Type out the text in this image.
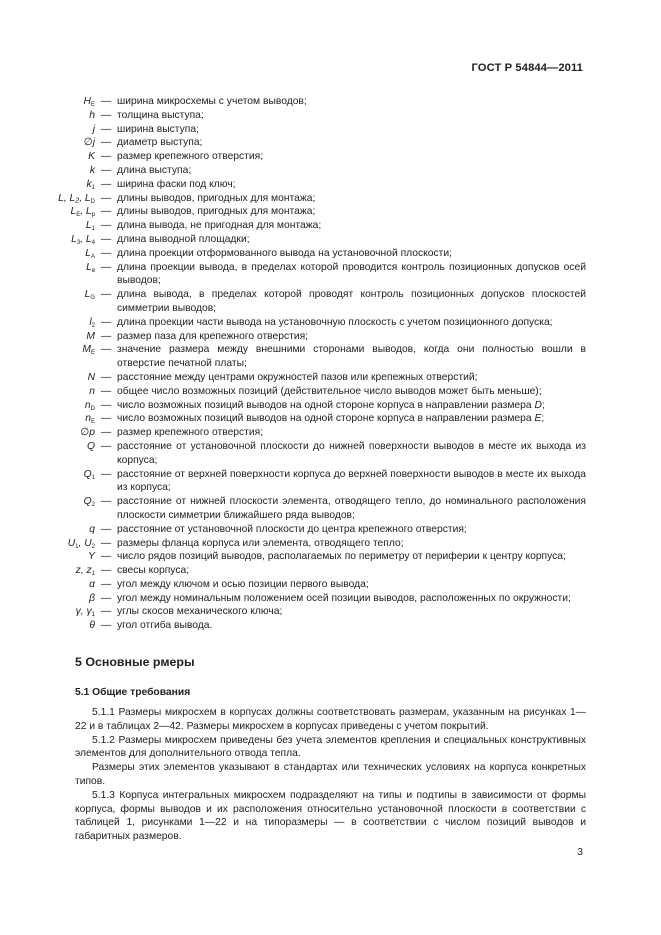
ГОСТ Р 54844—2011
$H_E$ — ширина микросхемы с учетом выводов;
h — толщина выступа;
j — ширина выступа;
∅j — диаметр выступа;
K — размер крепежного отверстия;
k — длина выступа;
$k_1$ — ширина фаски под ключ;
L, L₂, $L_D$ — длины выводов, пригодных для монтажа;
$L_E$, $L_p$ — длины выводов, пригодных для монтажа;
$L_1$ — длина вывода, не пригодная для монтажа;
$L_3$, $L_4$ — длина выводной площадки;
$L_A$ — длина проекции отформованного вывода на установочной плоскости;
$L_в$ — длина проекции вывода, в пределах которой проводится контроль позиционных допусков осей выводов;
$L_G$ — длина вывода, в пределах которой проводят контроль позиционных допусков плоскостей симметрии выводов;
$l_2$ — длина проекции части вывода на установочную плоскость с учетом позиционного допуска;
M — размер паза для крепежного отверстия;
$M_E$ — значение размера между внешними сторонами выводов, когда они полностью вошли в отверстие печатной платы;
N — расстояние между центрами окружностей пазов или крепежных отверстий;
n — общее число возможных позиций (действительное число выводов может быть меньше);
$n_D$ — число возможных позиций выводов на одной стороне корпуса в направлении размера D;
$n_E$ — число возможных позиций выводов на одной стороне корпуса в направлении размера E;
∅p — размер крепежного отверстия;
Q — расстояние от установочной плоскости до нижней поверхности выводов в месте их выхода из корпуса;
$Q_1$ — расстояние от верхней поверхности корпуса до верхней поверхности выводов в месте их выхода из корпуса;
$Q_2$ — расстояние от нижней плоскости элемента, отводящего тепло, до номинального расположения плоскости симметрии ближайшего ряда выводов;
q — расстояние от установочной плоскости до центра крепежного отверстия;
$U_1$, $U_2$ — размеры фланца корпуса или элемента, отводящего тепло;
Y — число рядов позиций выводов, располагаемых по периметру от периферии к центру корпуса;
z, $z_1$ — свесы корпуса;
α — угол между ключом и осью позиции первого вывода;
β — угол между номинальным положением осей позиции выводов, расположенных по окружности;
γ, $\gamma_1$ — углы скосов механического ключа;
θ — угол отгиба вывода.
5 Основные рмеры
5.1 Общие требования

5.1.1 Размеры микросхем в корпусах должны соответствовать размерам, указанным на рисунках 1—22 и в таблицах 2—42. Размеры микросхем в корпусах приведены с учетом покрытий.

5.1.2 Размеры микросхем приведены без учета элементов крепления и специальных конструктивных элементов для дополнительного отвода тепла.

Размеры этих элементов указывают в стандартах или технических условиях на корпуса конкретных типов.

5.1.3 Корпуса интегральных микросхем подразделяют на типы и подтипы в зависимости от формы корпуса, формы выводов и их расположения относительно установочной плоскости в соответствии с таблицей 1, рисунками 1—22 и на типоразмеры — в соответствии с числом позиций выводов и габаритных размеров.

3
